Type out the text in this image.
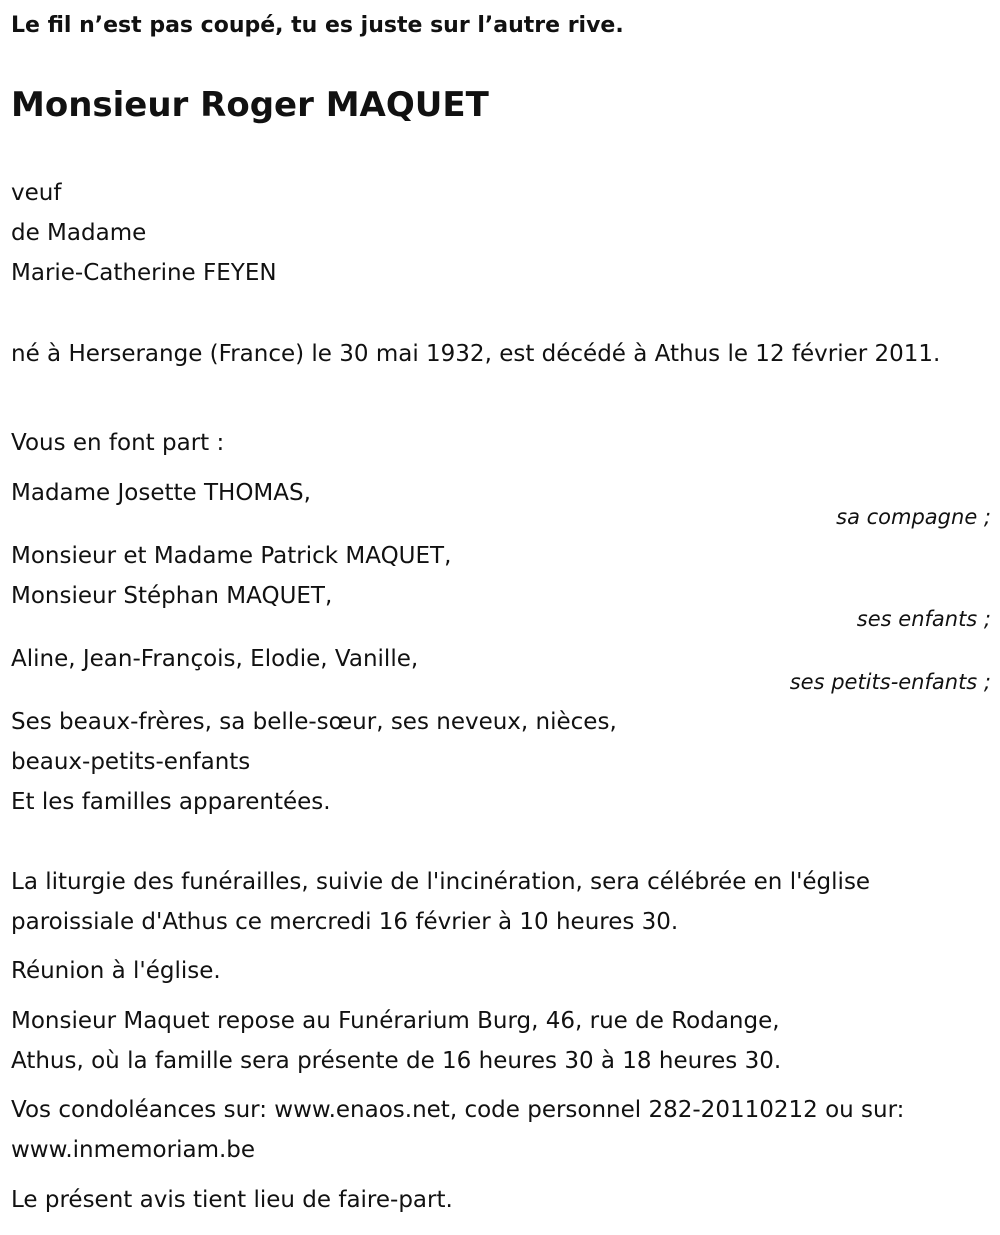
Le fil n’est pas coupé, tu es juste sur l’autre rive.
Monsieur Roger MAQUET
veuf
de Madame
Marie-Catherine FEYEN
né à Herserange (France) le 30 mai 1932, est décédé à Athus le 12 février 2011.
Vous en font part :
Madame Josette THOMAS,
sa compagne ;
Monsieur et Madame Patrick MAQUET,
Monsieur Stéphan MAQUET,
ses enfants ;
Aline, Jean-François, Elodie, Vanille,
ses petits-enfants ;
Ses beaux-frères, sa belle-sœur, ses neveux, nièces,
beaux-petits-enfants
Et les familles apparentées.
La liturgie des funérailles, suivie de l'incinération, sera célébrée en l'église paroissiale d'Athus ce mercredi 16 février à 10 heures 30.
Réunion à l'église.
Monsieur Maquet repose au Funérarium Burg, 46, rue de Rodange,
Athus, où la famille sera présente de 16 heures 30 à 18 heures 30.
Vos condoléances sur: www.enaos.net, code personnel 282-20110212 ou sur: www.inmemoriam.be
Le présent avis tient lieu de faire-part.
